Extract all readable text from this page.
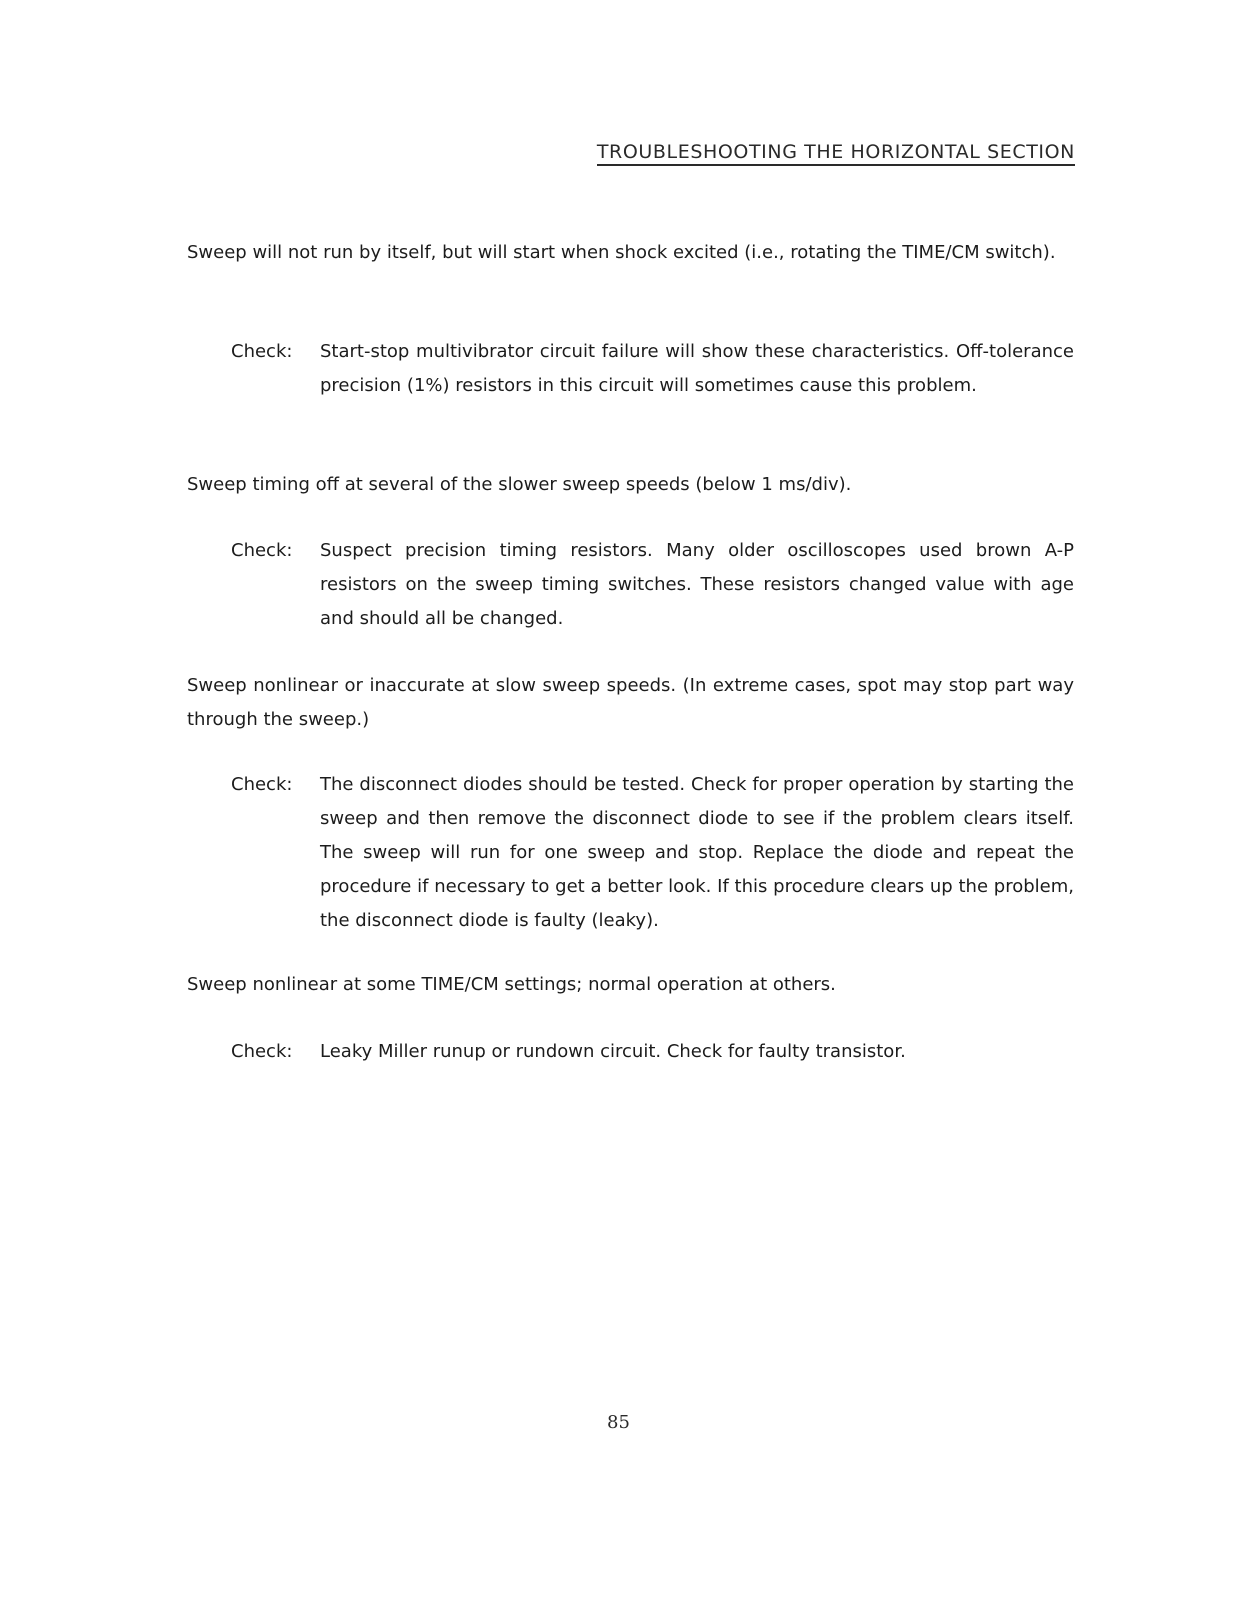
TROUBLESHOOTING THE HORIZONTAL SECTION

Sweep will not run by itself, but will start when shock excited (i.e., rotating the TIME/CM switch).

Check:	Start-stop multivibrator circuit failure will show these characteristics. Off-tolerance precision (1%) resistors in this circuit will sometimes cause this problem.

Sweep timing off at several of the slower sweep speeds (below 1 ms/div).

Check:	Suspect precision timing resistors. Many older oscilloscopes used brown A-P resistors on the sweep timing switches. These resistors changed value with age and should all be changed.

Sweep nonlinear or inaccurate at slow sweep speeds. (In extreme cases, spot may stop part way through the sweep.)

Check:	The disconnect diodes should be tested. Check for proper operation by starting the sweep and then remove the disconnect diode to see if the problem clears itself. The sweep will run for one sweep and stop. Replace the diode and repeat the procedure if necessary to get a better look. If this procedure clears up the problem, the disconnect diode is faulty (leaky).

Sweep nonlinear at some TIME/CM settings; normal operation at others.

Check:	Leaky Miller runup or rundown circuit. Check for faulty transistor.

85
